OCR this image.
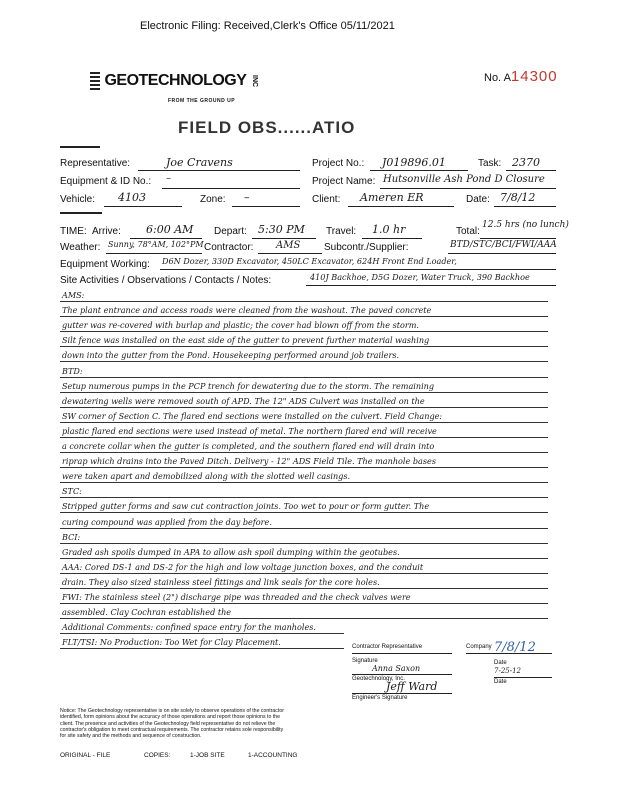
Electronic Filing: Received,Clerk's Office 05/11/2021
GEOTECHNOLOGY INC
FROM THE GROUND UP
No. A14300
FIELD OBS......ATIO
Representative:	Joe Cravens	Project No.: J019896.01	Task: 2370
Equipment & ID No.: –	Project Name: Hutsonville Ash Pond D Closure
Vehicle: 4103	Zone: –	Client: Ameren ER	Date: 7/8/12
TIME: Arrive: 6:00 AM Depart: 5:30 PM Travel: 1.0 hr	Total:
12.5 hrs (no lunch)
Weather: Sunny, 78°AM, 102°PM Contractor: AMS Subcontr./Supplier:	BTD/STC/BCI/FWI/AAA
Equipment Working: D6N Dozer, 330D Excavator, 450LC Excavator, 624H Front End Loader,
Site Activities / Observations / Contacts / Notes:	410J Backhoe, D5G Dozer, Water Truck, 390 Backhoe
AMS:
The plant entrance and access roads were cleaned from the washout. The paved concrete
gutter was re-covered with burlap and plastic; the cover had blown off from the storm.
Silt fence was installed on the east side of the gutter to prevent further material washing
down into the gutter from the Pond. Housekeeping performed around job trailers.
BTD:
Setup numerous pumps in the PCP trench for dewatering due to the storm. The remaining
dewatering wells were removed south of APD. The 12" ADS Culvert was installed on the
SW corner of Section C. The flared end sections were installed on the culvert. Field Change:
plastic flared end sections were used instead of metal. The northern flared end will receive
a concrete collar when the gutter is completed, and the southern flared end will drain into
riprap which drains into the Paved Ditch. Delivery - 12" ADS Field Tile. The manhole bases
were taken apart and demobilized along with the slotted well casings.
STC:
Stripped gutter forms and saw cut contraction joints. Too wet to pour or form gutter. The
curing compound was applied from the day before.
BCI:
Graded ash spoils dumped in APA to allow ash spoil dumping within the geotubes.
AAA: Cored DS-1 and DS-2 for the high and low voltage junction boxes, and the conduit
drain. They also sized stainless steel fittings and link seals for the core holes.
FWI: The stainless steel (2") discharge pipe was threaded and the check valves were
assembled. Clay Cochran established the
Additional Comments: confined space entry for the manholes.
FLT/TSI: No Production: Too Wet for Clay Placement.	Contractor Representative	Company 7/8/12
Signature
Anna Saxon
Date
7-25-12
Geotechnology, Inc.
Jeff Ward
Engineer's Signature
Date
Notice: The Geotechnology representative is on site solely to observe operations of the contractor
identified, form opinions about the accuracy of those operations and report those opinions to the
client. The presence and activities of the Geotechnology field representative do not relieve the
contractor's obligation to meet contractual requirements. The contractor retains sole responsibility
for site safety and the methods and sequence of construction.
ORIGINAL - FILE	COPIES:	1-JOB SITE	1-ACCOUNTING
